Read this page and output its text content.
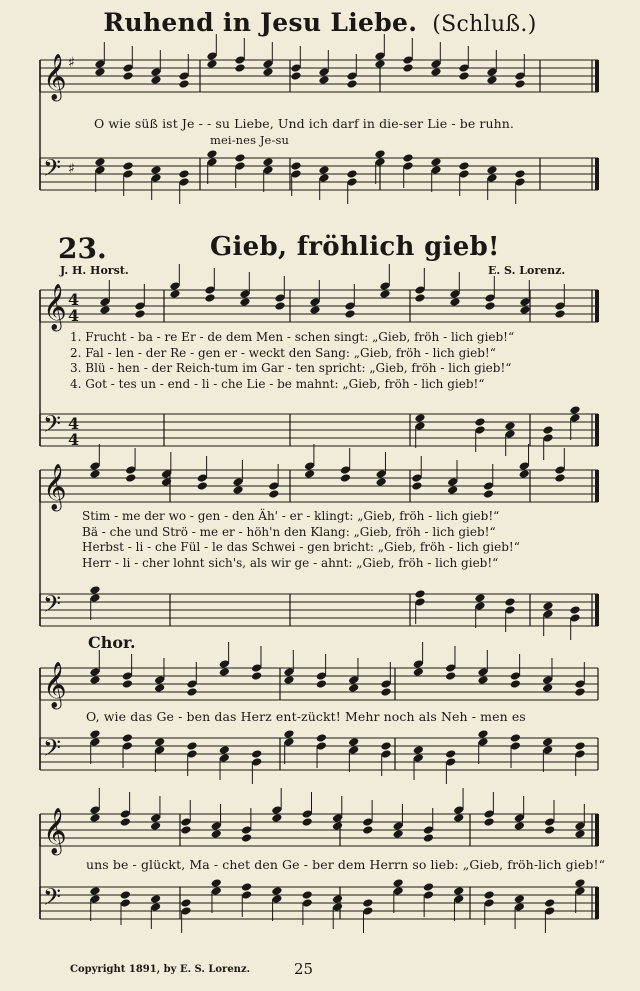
𝄞 ♯
𝄢 ♯
𝄞 4
4
𝄢 4
4
𝄞
𝄢
𝄞
𝄢
𝄞
𝄢
Ruhend in Jesu Liebe. (Schluß.)
O wie süß ist Je - - su Liebe, Und ich darf in die-ser Lie - be ruhn.
mei-nes Je-su
23.	Gieb, fröhlich gieb!
J. H. Horst.	E. S. Lorenz.
1. Frucht - ba - re Er - de dem Men - schen singt: „Gieb, fröh - lich gieb!“
2. Fal - len - der Re - gen er - weckt den Sang: „Gieb, fröh - lich gieb!“
3. Blü - hen - der Reich-tum im Gar - ten spricht: „Gieb, fröh - lich gieb!“
4. Got - tes un - end - li - che Lie - be mahnt: „Gieb, fröh - lich gieb!“
Stim - me der wo - gen - den Äh' - er - klingt: „Gieb, fröh - lich gieb!“
Bä - che und Strö - me er - höh'n den Klang: „Gieb, fröh - lich gieb!“
Herbst - li - che Fül - le das Schwei - gen bricht: „Gieb, fröh - lich gieb!“
Herr - li - cher lohnt sich's, als wir ge - ahnt: „Gieb, fröh - lich gieb!“
Chor.
O, wie das Ge - ben das Herz ent-zückt! Mehr noch als Neh - men es
uns be - glückt, Ma - chet den Ge - ber dem Herrn so lieb: „Gieb, fröh-lich gieb!“
Copyright 1891, by E. S. Lorenz.	25
